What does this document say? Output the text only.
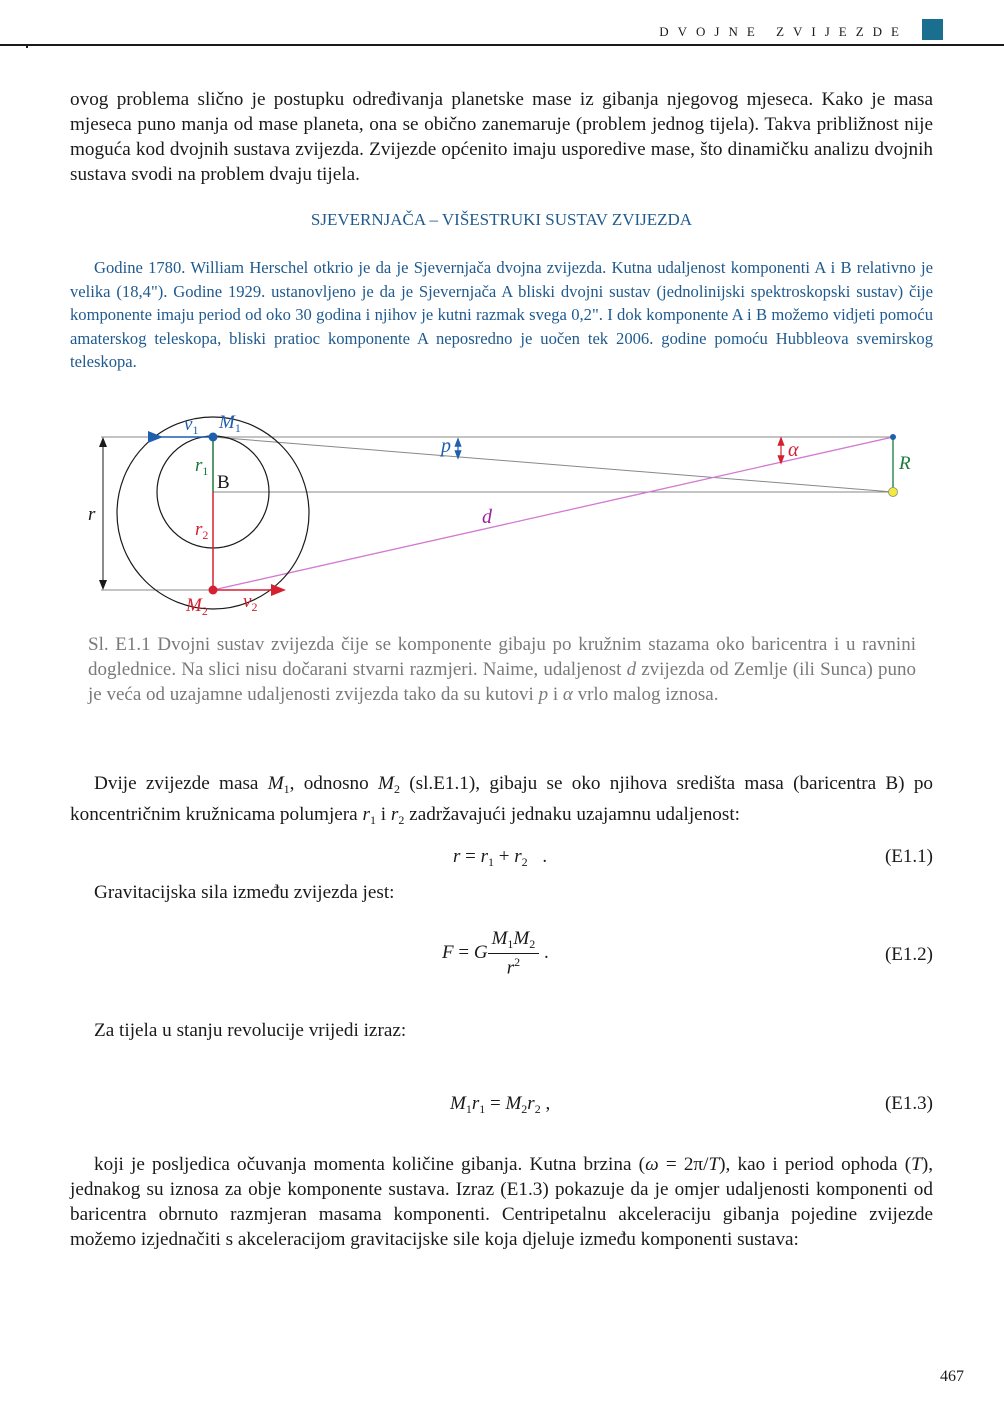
DVOJNE ZVIJEZDE

ovog problema slično je postupku određivanja planetske mase iz gibanja njegovog mjeseca. Kako je masa mjeseca puno manja od mase planeta, ona se obično zanemaruje (problem jednog tijela). Takva približnost nije moguća kod dvojnih sustava zvijezda. Zvijezde općenito imaju usporedive mase, što dinamičku analizu dvojnih sustava svodi na problem dvaju tijela.

SJEVERNJAČA – VIŠESTRUKI SUSTAV ZVIJEZDA

Godine 1780. William Herschel otkrio je da je Sjevernjača dvojna zvijezda. Kutna udaljenost komponenti A i B relativno je velika (18,4"). Godine 1929. ustanovljeno je da je Sjevernjača A bliski dvojni sustav (jednolinijski spektroskopski sustav) čije komponente imaju period od oko 30 godina i njihov je kutni razmak svega 0,2". I dok komponente A i B možemo vidjeti pomoću amaterskog teleskopa, bliski pratioc komponente A neposredno je uočen tek 2006. godine pomoću Hubbleova svemirskog teleskopa.

$v_1$ $M_1$
$r_1$
B
r
$r_2$
$M_2$ $v_2$
p
d
α
R

Sl. E1.1 Dvojni sustav zvijezda čije se komponente gibaju po kružnim stazama oko baricentra i u ravnini doglednice. Na slici nisu dočarani stvarni razmjeri. Naime, udaljenost d zvijezda od Zemlje (ili Sunca) puno je veća od uzajamne udaljenosti zvijezda tako da su kutovi p i α vrlo malog iznosa.

Dvije zvijezde masa $M_1$, odnosno $M_2$ (sl.E1.1), gibaju se oko njihova središta masa (baricentra B) po koncentričnim kružnicama polumjera $r_1$ i $r_2$ zadržavajući jednaku uzajamnu udaljenost:

$r = r_1 + r_2$ .	(E1.1)

Gravitacijska sila između zvijezda jest:

F = G $\frac{M_1M_2}{r^2}$ .	(E1.2)

Za tijela u stanju revolucije vrijedi izraz:

$M_1r_1 = M_2r_2$ ,	(E1.3)

koji je posljedica očuvanja momenta količine gibanja. Kutna brzina (ω = 2π/T), kao i period ophoda (T), jednakog su iznosa za obje komponente sustava. Izraz (E1.3) pokazuje da je omjer udaljenosti komponenti od baricentra obrnuto razmjeran masama komponenti. Centripetalnu akceleraciju gibanja pojedine zvijezde možemo izjednačiti s akceleracijom gravitacijske sile koja djeluje između komponenti sustava:

467
